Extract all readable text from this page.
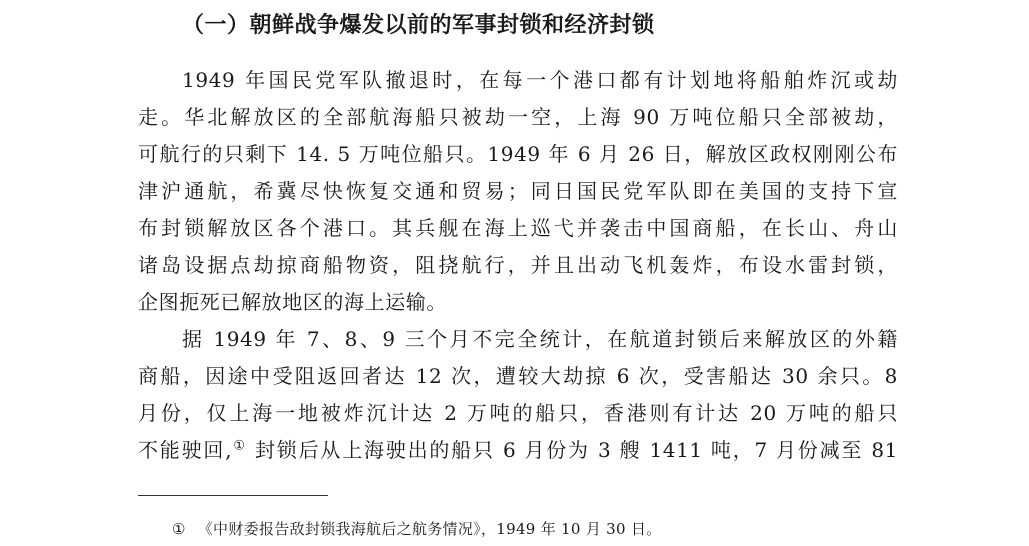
（一）朝鲜战争爆发以前的军事封锁和经济封锁
1949 年国民党军队撤退时，在每一个港口都有计划地将船舶炸沉或劫
走。华北解放区的全部航海船只被劫一空，上海 90 万吨位船只全部被劫，
可航行的只剩下 14. 5 万吨位船只。1949 年 6 月 26 日，解放区政权刚刚公布
津沪通航，希冀尽快恢复交通和贸易；同日国民党军队即在美国的支持下宣
布封锁解放区各个港口。其兵舰在海上巡弋并袭击中国商船，在长山、舟山
诸岛设据点劫掠商船物资，阻挠航行，并且出动飞机轰炸，布设水雷封锁，
企图扼死已解放地区的海上运输。
据 1949 年 7、8、9 三个月不完全统计，在航道封锁后来解放区的外籍
商船，因途中受阻返回者达 12 次，遭较大劫掠 6 次，受害船达 30 余只。8
月份，仅上海一地被炸沉计达 2 万吨的船只，香港则有计达 20 万吨的船只
不能驶回,① 封锁后从上海驶出的船只 6 月份为 3 艘 1411 吨，7 月份减至 81
① 《中财委报告敌封锁我海航后之航务情况》，1949 年 10 月 30 日。
